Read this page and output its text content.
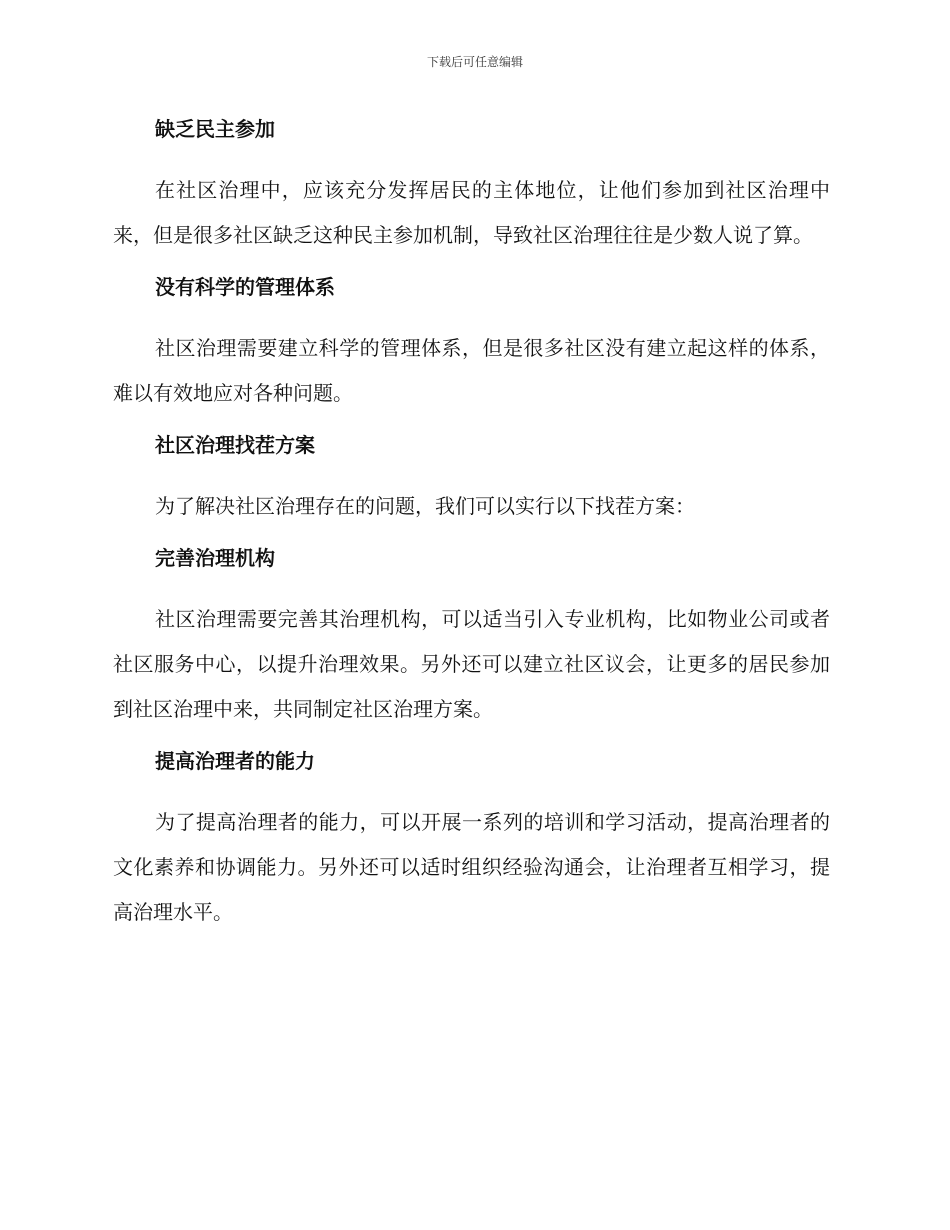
下载后可任意编辑
缺乏民主参加

在社区治理中，应该充分发挥居民的主体地位，让他们参加到社区治理中来，但是很多社区缺乏这种民主参加机制，导致社区治理往往是少数人说了算。

没有科学的管理体系

社区治理需要建立科学的管理体系，但是很多社区没有建立起这样的体系，难以有效地应对各种问题。

社区治理找茬方案

为了解决社区治理存在的问题，我们可以实行以下找茬方案：

完善治理机构

社区治理需要完善其治理机构，可以适当引入专业机构，比如物业公司或者社区服务中心，以提升治理效果。另外还可以建立社区议会，让更多的居民参加到社区治理中来，共同制定社区治理方案。

提高治理者的能力

为了提高治理者的能力，可以开展一系列的培训和学习活动，提高治理者的文化素养和协调能力。另外还可以适时组织经验沟通会，让治理者互相学习，提高治理水平。
